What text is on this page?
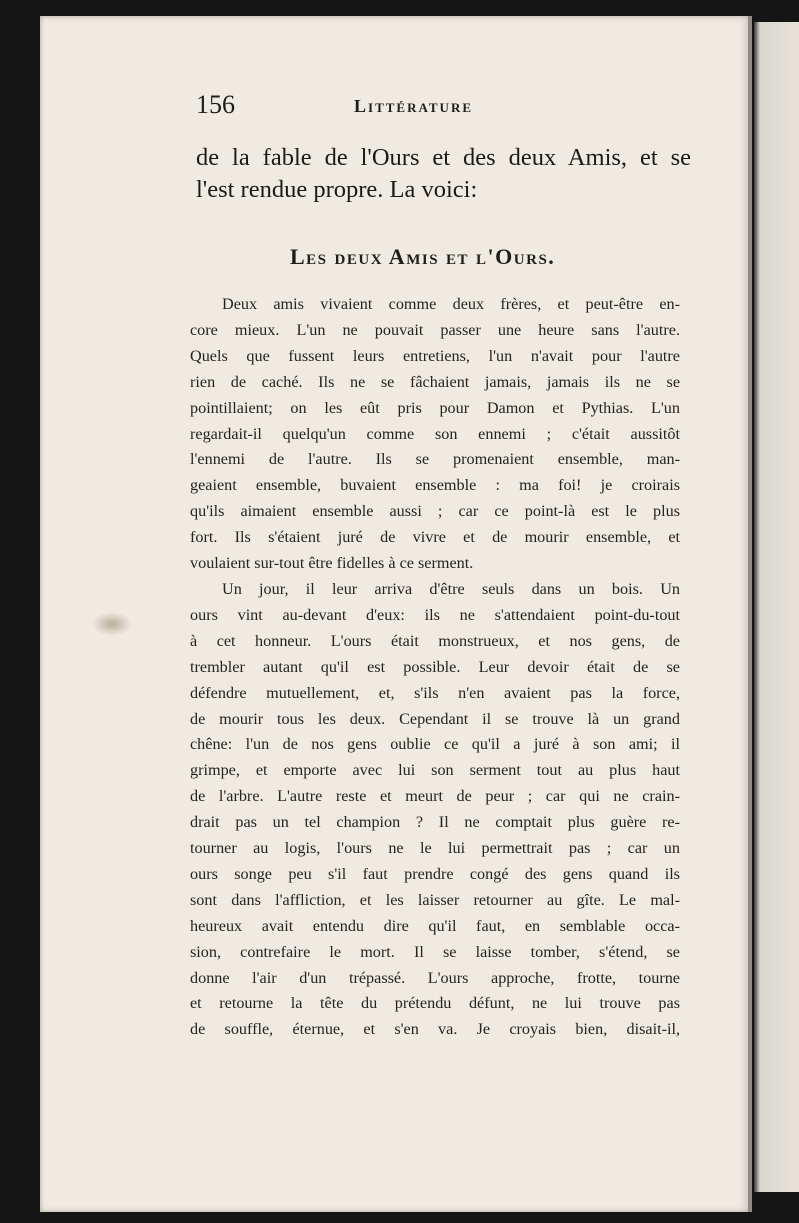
156	Littérature
de la fable de l'Ours et des deux Amis, et se
l'est rendue propre. La voici:
Les deux Amis et l'Ours.
Deux amis vivaient comme deux frères, et peut-être en-
core mieux. L'un ne pouvait passer une heure sans l'autre.
Quels que fussent leurs entretiens, l'un n'avait pour l'autre
rien de caché. Ils ne se fâchaient jamais, jamais ils ne se
pointillaient; on les eût pris pour Damon et Pythias. L'un
regardait-il quelqu'un comme son ennemi ; c'était aussitôt
l'ennemi de l'autre. Ils se promenaient ensemble, man-
geaient ensemble, buvaient ensemble : ma foi! je croirais
qu'ils aimaient ensemble aussi ; car ce point-là est le plus
fort. Ils s'étaient juré de vivre et de mourir ensemble, et
voulaient sur-tout être fidelles à ce serment.
Un jour, il leur arriva d'être seuls dans un bois. Un
ours vint au-devant d'eux: ils ne s'attendaient point-du-tout
à cet honneur. L'ours était monstrueux, et nos gens, de
trembler autant qu'il est possible. Leur devoir était de se
défendre mutuellement, et, s'ils n'en avaient pas la force,
de mourir tous les deux. Cependant il se trouve là un grand
chêne: l'un de nos gens oublie ce qu'il a juré à son ami; il
grimpe, et emporte avec lui son serment tout au plus haut
de l'arbre. L'autre reste et meurt de peur ; car qui ne crain-
drait pas un tel champion ? Il ne comptait plus guère re-
tourner au logis, l'ours ne le lui permettrait pas ; car un
ours songe peu s'il faut prendre congé des gens quand ils
sont dans l'affliction, et les laisser retourner au gîte. Le mal-
heureux avait entendu dire qu'il faut, en semblable occa-
sion, contrefaire le mort. Il se laisse tomber, s'étend, se
donne l'air d'un trépassé. L'ours approche, frotte, tourne
et retourne la tête du prétendu défunt, ne lui trouve pas
de souffle, éternue, et s'en va. Je croyais bien, disait-il,
